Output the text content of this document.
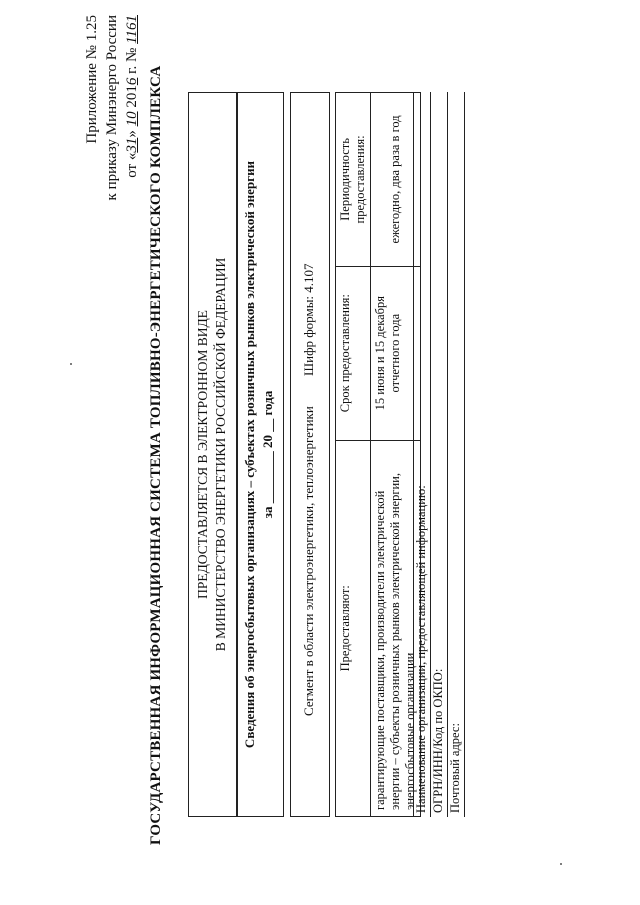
Приложение № 1.25 к приказу Минэнерго России от «31» 10 2016 г. № 1161
ГОСУДАРСТВЕННАЯ ИНФОРМАЦИОННАЯ СИСТЕМА ТОПЛИВНО-ЭНЕРГЕТИЧЕСКОГО КОМПЛЕКСА ПРЕДОСТАВЛЯЕТСЯ В ЭЛЕКТРОННОМ ВИДЕ В МИНИСТЕРСТВО ЭНЕРГЕТИКИ РОССИЙСКОЙ ФЕДЕРАЦИИ Сведения об энергосбытовых организациях – субъектах розничных рынков электрической энергии за ________ 20 __ года Сегмент в области электроэнергетики, теплоэнергетики
Шифр формы: 4.107
Предоставляют:	Срок предоставления:	Периодичность предоставления:
гарантирующие поставщики, производители электрической энергии – субъекты розничных рынков электрической энергии, энергосбытовые организации	15 июня и 15 декабря отчетного года	ежегодно, два раза в год
Наименование организации, предоставляющей информацию: ОГРН/ИНН/Код по ОКПО: Почтовый адрес:
